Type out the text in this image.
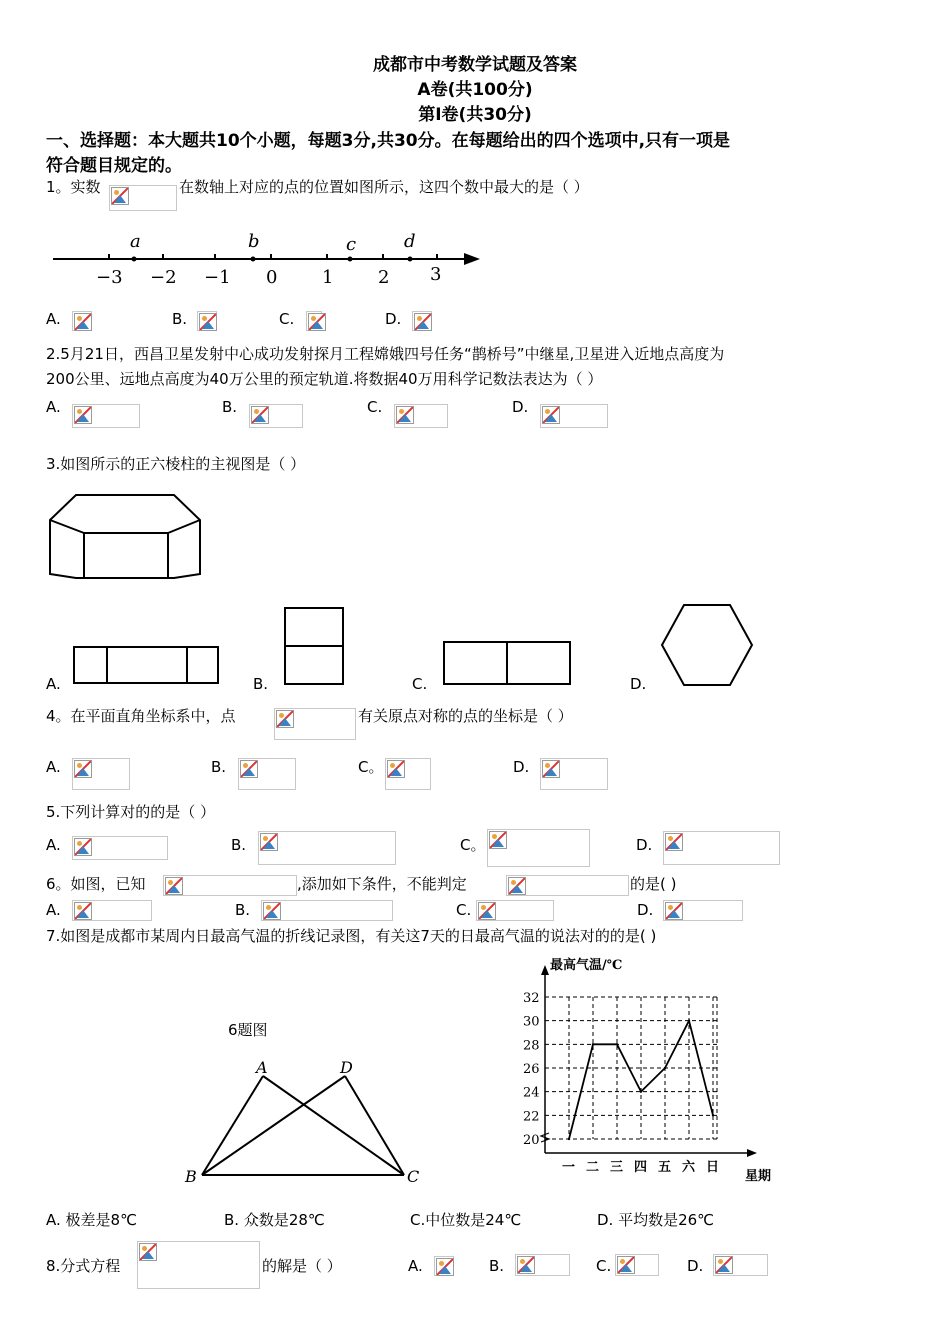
成都市中考数学试题及答案
A卷(共100分)
第Ⅰ卷(共30分)
一、选择题：本大题共10个小题，每题3分,共30分。在每题给出的四个选项中,只有一项是
符合题目规定的。
1。实数	在数轴上对应的点的位置如图所示，这四个数中最大的是（ ）
a	b	c	d
−3 −2 −1 0 1 2 3
A.	B.	C.	D.
2.5月21日，西昌卫星发射中心成功发射探月工程嫦娥四号任务“鹊桥号”中继星,卫星进入近地点高度为
200公里、远地点高度为40万公里的预定轨道.将数据40万用科学记数法表达为（ ）
A.	B.	C.	D.
3.如图所示的正六棱柱的主视图是（ ）
A.	B.	C.	D.
4。在平面直角坐标系中，点	有关原点对称的点的坐标是（ ）
A.	B.	C。	D.
5.下列计算对的的是（ ）
A.	B.	C。	D.
6。如图，已知	,添加如下条件，不能判定	的是( )
A.	B.	C.	D.
7.如图是成都市某周内日最高气温的折线记录图，有关这7天的日最高气温的说法对的的是( )
6题图
A	D
B	C
最高气温/℃
星期
20
22
24
26
28
30
32
一 二 三 四 五 六 日
A. 极差是8℃	B. 众数是28℃	C.中位数是24℃	D. 平均数是26℃
8.分式方程	的解是（ ）	A.	B.	C.	D.
